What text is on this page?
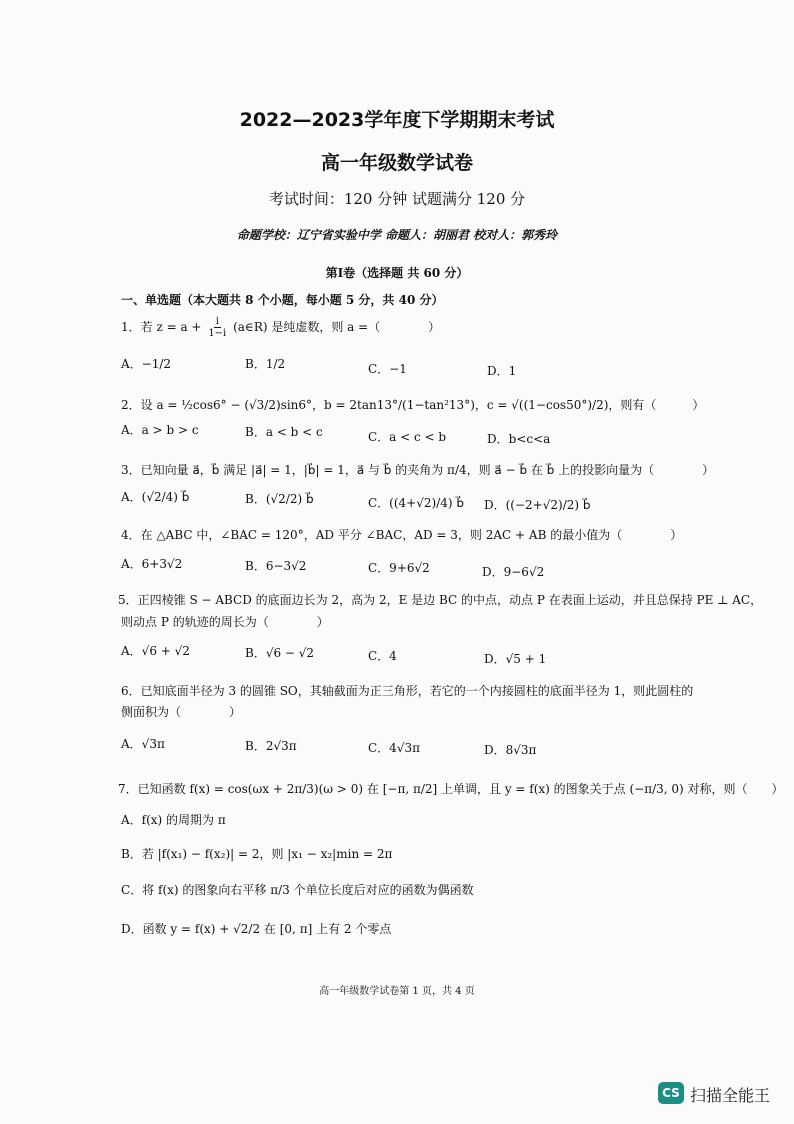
2022—2023学年度下学期期末考试
高一年级数学试卷
考试时间：120 分钟 试题满分 120 分
命题学校：辽宁省实验中学 命题人：胡丽君 校对人：郭秀玲
第Ⅰ卷（选择题 共 60 分）
一、单选题（本大题共 8 个小题，每小题 5 分，共 40 分）
1．若 $z = a + \frac{i}{1-i}$ (a∈R) 是纯虚数，则 a =（　　　　）
A．−1/2	B．1/2	C．−1	D．1
2．设 a = ½cos6° − (√3/2)sin6°，b = 2tan13°/(1−tan²13°)，c = √((1−cos50°)/2)，则有（　　　）
A．a > b > c	B．a < b < c	C．a < c < b	D．b<c<a
3．已知向量 a⃗，b⃗ 满足 |a⃗| = 1，|b⃗| = 1，a⃗ 与 b⃗ 的夹角为 π/4，则 a⃗ − b⃗ 在 b⃗ 上的投影向量为（　　　　）
A．(√2/4) b⃗	B．(√2/2) b⃗	C．((4+√2)/4) b⃗ D．((−2+√2)/2) b⃗
4．在 △ABC 中，∠BAC = 120°，AD 平分 ∠BAC，AD = 3，则 2AC + AB 的最小值为（　　　　）
A．6+3√2	B．6−3√2	C．9+6√2	D．9−6√2
5．正四棱锥 S − ABCD 的底面边长为 2，高为 2，E 是边 BC 的中点，动点 P 在表面上运动，并且总保持 PE ⊥ AC，
则动点 P 的轨迹的周长为（　　　　）
A．√6 + √2	B．√6 − √2	C．4	D．√5 + 1
6．已知底面半径为 3 的圆锥 SO，其轴截面为正三角形，若它的一个内接圆柱的底面半径为 1，则此圆柱的
侧面积为（　　　　）
A．√3π	B．2√3π	C．4√3π	D．8√3π
7．已知函数 f(x) = cos(ωx + 2π/3)(ω > 0) 在 [−π, π/2] 上单调，且 y = f(x) 的图象关于点 (−π/3, 0) 对称，则（　　）
A．f(x) 的周期为 π
B．若 |f(x₁) − f(x₂)| = 2，则 |x₁ − x₂|min = 2π
C．将 f(x) 的图象向右平移 π/3 个单位长度后对应的函数为偶函数
D．函数 y = f(x) + √2/2 在 [0, π] 上有 2 个零点
高一年级数学试卷第 1 页，共 4 页
CS 扫描全能王
